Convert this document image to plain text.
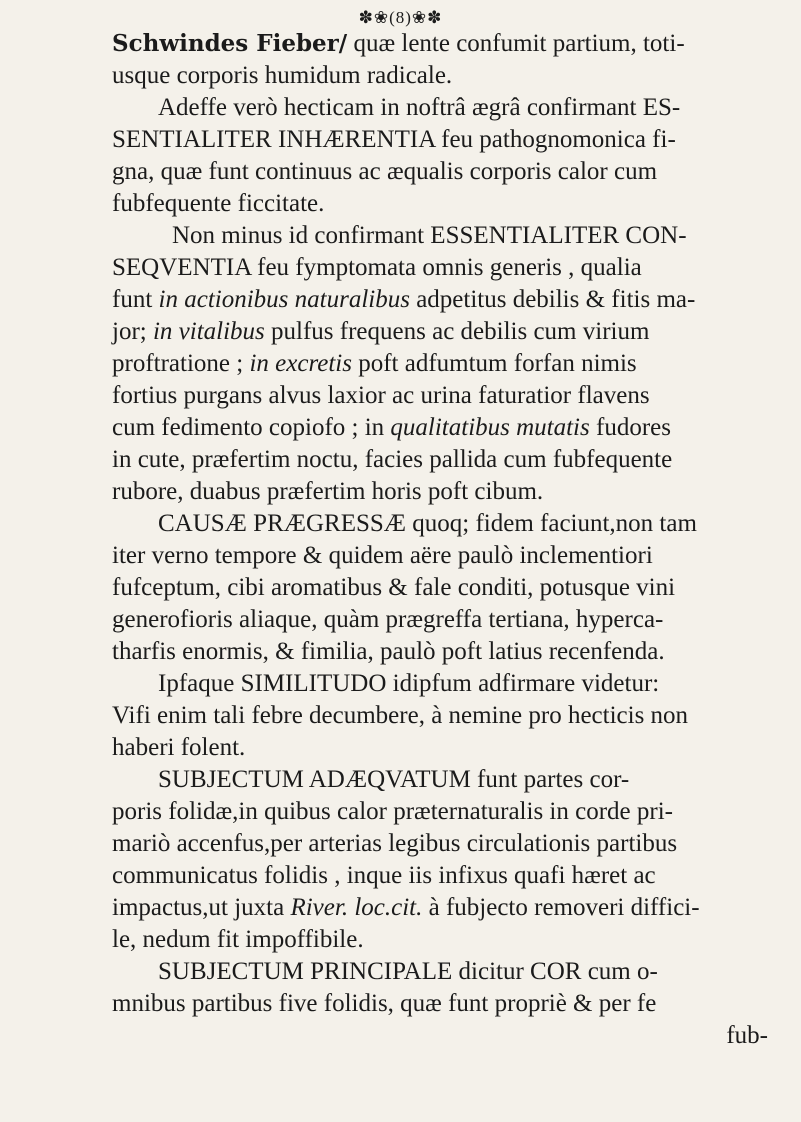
✽❀(8)❀✽
Schwindes Fieber/ quæ lente confumit partium, toti-
usque corporis humidum radicale.
Adeffe verò hecticam in noftrâ ægrâ confirmant ES-
SENTIALITER INHÆRENTIA feu pathognomonica fi-
gna, quæ funt continuus ac æqualis corporis calor cum
fubfequente ficcitate.
Non minus id confirmant ESSENTIALITER CON-
SEQVENTIA feu fymptomata omnis generis , qualia
funt in actionibus naturalibus adpetitus debilis & fitis ma-
jor; in vitalibus pulfus frequens ac debilis cum virium
proftratione ; in excretis poft adfumtum forfan nimis
fortius purgans alvus laxior ac urina faturatior flavens
cum fedimento copiofo ; in qualitatibus mutatis fudores
in cute, præfertim noctu, facies pallida cum fubfequente
rubore, duabus præfertim horis poft cibum.
CAUSÆ PRÆGRESSÆ quoq; fidem faciunt,non tam
iter verno tempore & quidem aëre paulò inclementiori
fufceptum, cibi aromatibus & fale conditi, potusque vini
generofioris aliaque, quàm prægreffa tertiana, hyperca-
tharfis enormis, & fimilia, paulò poft latius recenfenda.
Ipfaque SIMILITUDO idipfum adfirmare videtur:
Vifi enim tali febre decumbere, à nemine pro hecticis non
haberi folent.
SUBJECTUM ADÆQVATUM funt partes cor-
poris folidæ,in quibus calor præternaturalis in corde pri-
mariò accenfus,per arterias legibus circulationis partibus
communicatus folidis , inque iis infixus quafi hæret ac
impactus,ut juxta River. loc.cit. à fubjecto removeri diffici-
le, nedum fit impoffibile.
SUBJECTUM PRINCIPALE dicitur COR cum o-
mnibus partibus five folidis, quæ funt propriè & per fe
fub-
